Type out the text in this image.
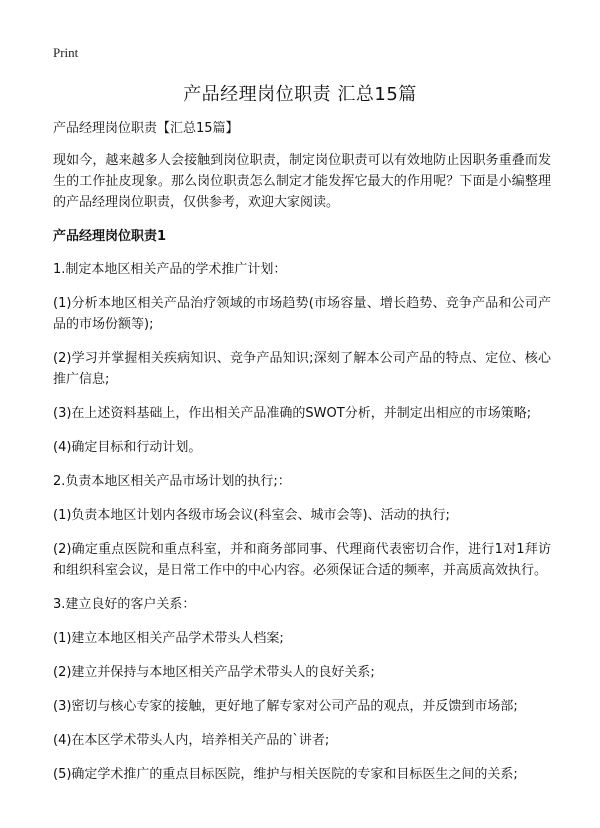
Print
产品经理岗位职责 汇总15篇

产品经理岗位职责【汇总15篇】

现如今，越来越多人会接触到岗位职责，制定岗位职责可以有效地防止因职务重叠而发生的工作扯皮现象。那么岗位职责怎么制定才能发挥它最大的作用呢？下面是小编整理的产品经理岗位职责，仅供参考，欢迎大家阅读。

产品经理岗位职责1

1.制定本地区相关产品的学术推广计划：

(1)分析本地区相关产品治疗领域的市场趋势(市场容量、增长趋势、竞争产品和公司产品的市场份额等);

(2)学习并掌握相关疾病知识、竞争产品知识;深刻了解本公司产品的特点、定位、核心推广信息;

(3)在上述资料基础上，作出相关产品准确的SWOT分析，并制定出相应的市场策略;

(4)确定目标和行动计划。

2.负责本地区相关产品市场计划的执行;：

(1)负责本地区计划内各级市场会议(科室会、城市会等)、活动的执行;

(2)确定重点医院和重点科室，并和商务部同事、代理商代表密切合作，进行1对1拜访和组织科室会议，是日常工作中的中心内容。必须保证合适的频率，并高质高效执行。

3.建立良好的客户关系：

(1)建立本地区相关产品学术带头人档案;

(2)建立并保持与本地区相关产品学术带头人的良好关系;

(3)密切与核心专家的接触，更好地了解专家对公司产品的观点，并反馈到市场部;

(4)在本区学术带头人内，培养相关产品的`讲者;

(5)确定学术推广的重点目标医院，维护与相关医院的专家和目标医生之间的关系;
